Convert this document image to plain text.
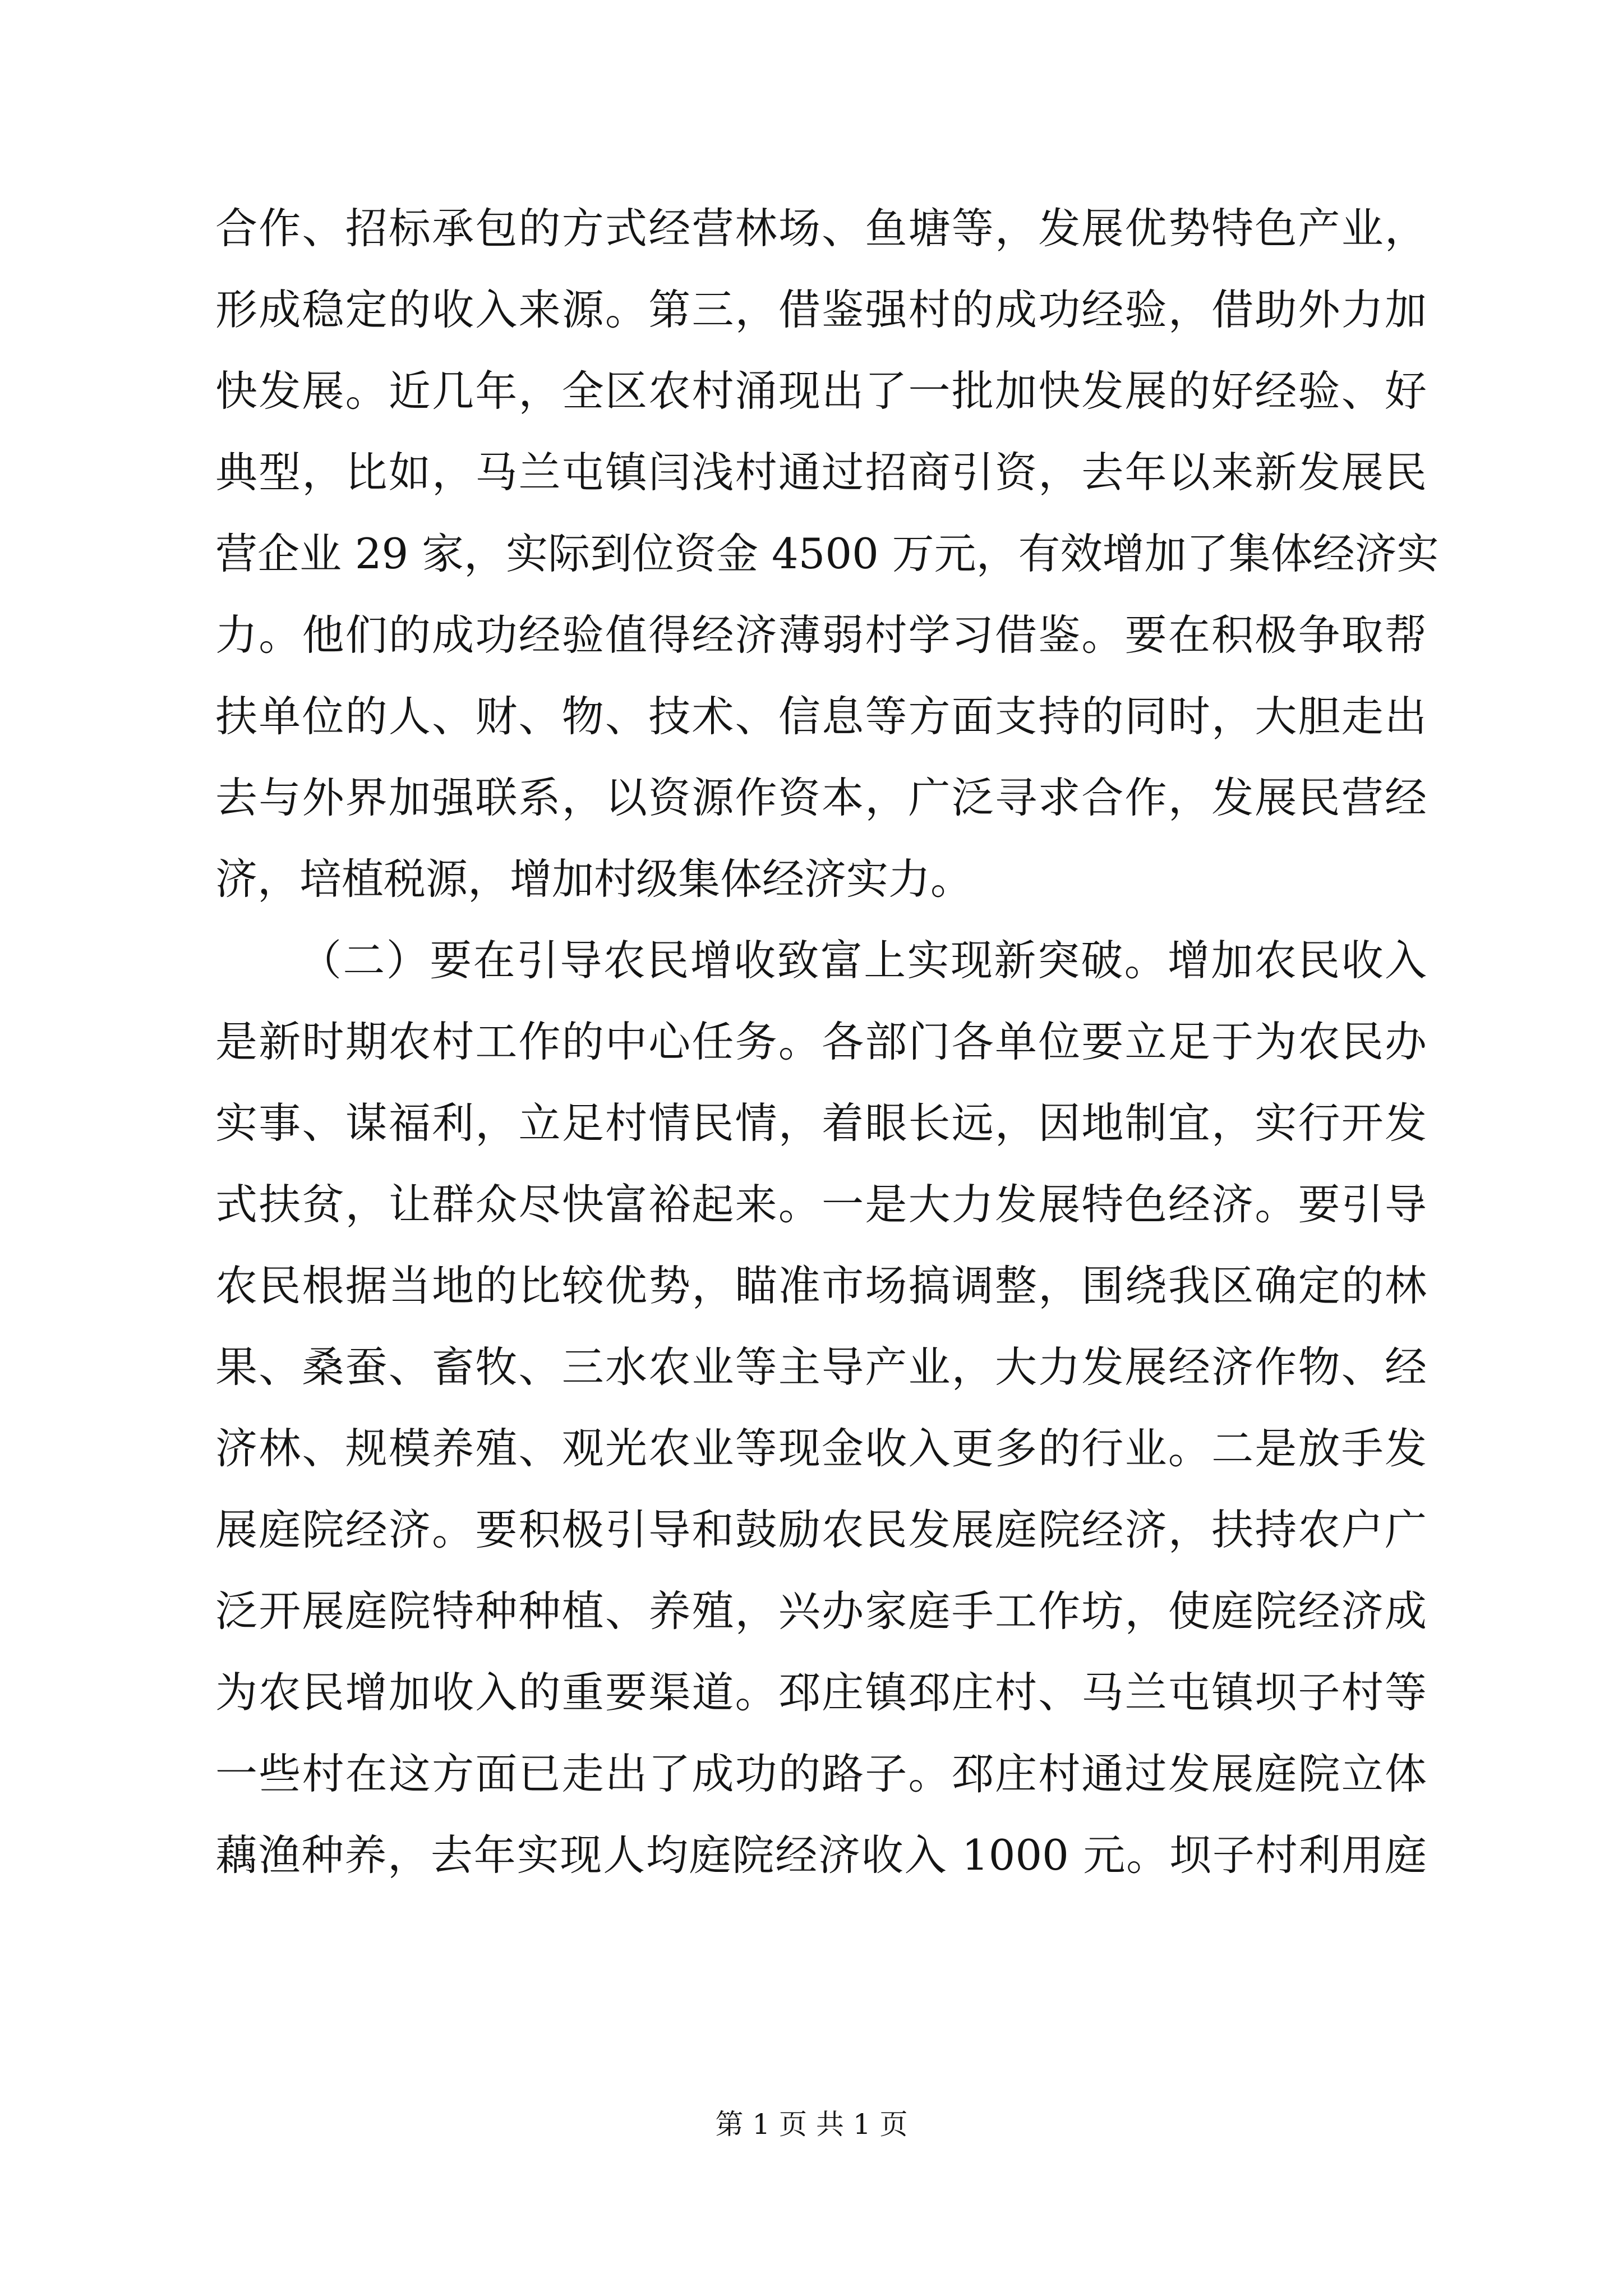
合作、招标承包的方式经营林场、鱼塘等，发展优势特色产业，
形成稳定的收入来源。第三，借鉴强村的成功经验，借助外力加
快发展。近几年，全区农村涌现出了一批加快发展的好经验、好
典型，比如，马兰屯镇闫浅村通过招商引资，去年以来新发展民
营企业 29 家，实际到位资金 4500 万元，有效增加了集体经济实
力。他们的成功经验值得经济薄弱村学习借鉴。要在积极争取帮
扶单位的人、财、物、技术、信息等方面支持的同时，大胆走出
去与外界加强联系，以资源作资本，广泛寻求合作，发展民营经
济，培植税源，增加村级集体经济实力。
（二）要在引导农民增收致富上实现新突破。增加农民收入
是新时期农村工作的中心任务。各部门各单位要立足于为农民办
实事、谋福利，立足村情民情，着眼长远，因地制宜，实行开发
式扶贫，让群众尽快富裕起来。一是大力发展特色经济。要引导
农民根据当地的比较优势，瞄准市场搞调整，围绕我区确定的林
果、桑蚕、畜牧、三水农业等主导产业，大力发展经济作物、经
济林、规模养殖、观光农业等现金收入更多的行业。二是放手发
展庭院经济。要积极引导和鼓励农民发展庭院经济，扶持农户广
泛开展庭院特种种植、养殖，兴办家庭手工作坊，使庭院经济成
为农民增加收入的重要渠道。邳庄镇邳庄村、马兰屯镇坝子村等
一些村在这方面已走出了成功的路子。邳庄村通过发展庭院立体
藕渔种养，去年实现人均庭院经济收入 1000 元。坝子村利用庭
第 1 页 共 1 页
